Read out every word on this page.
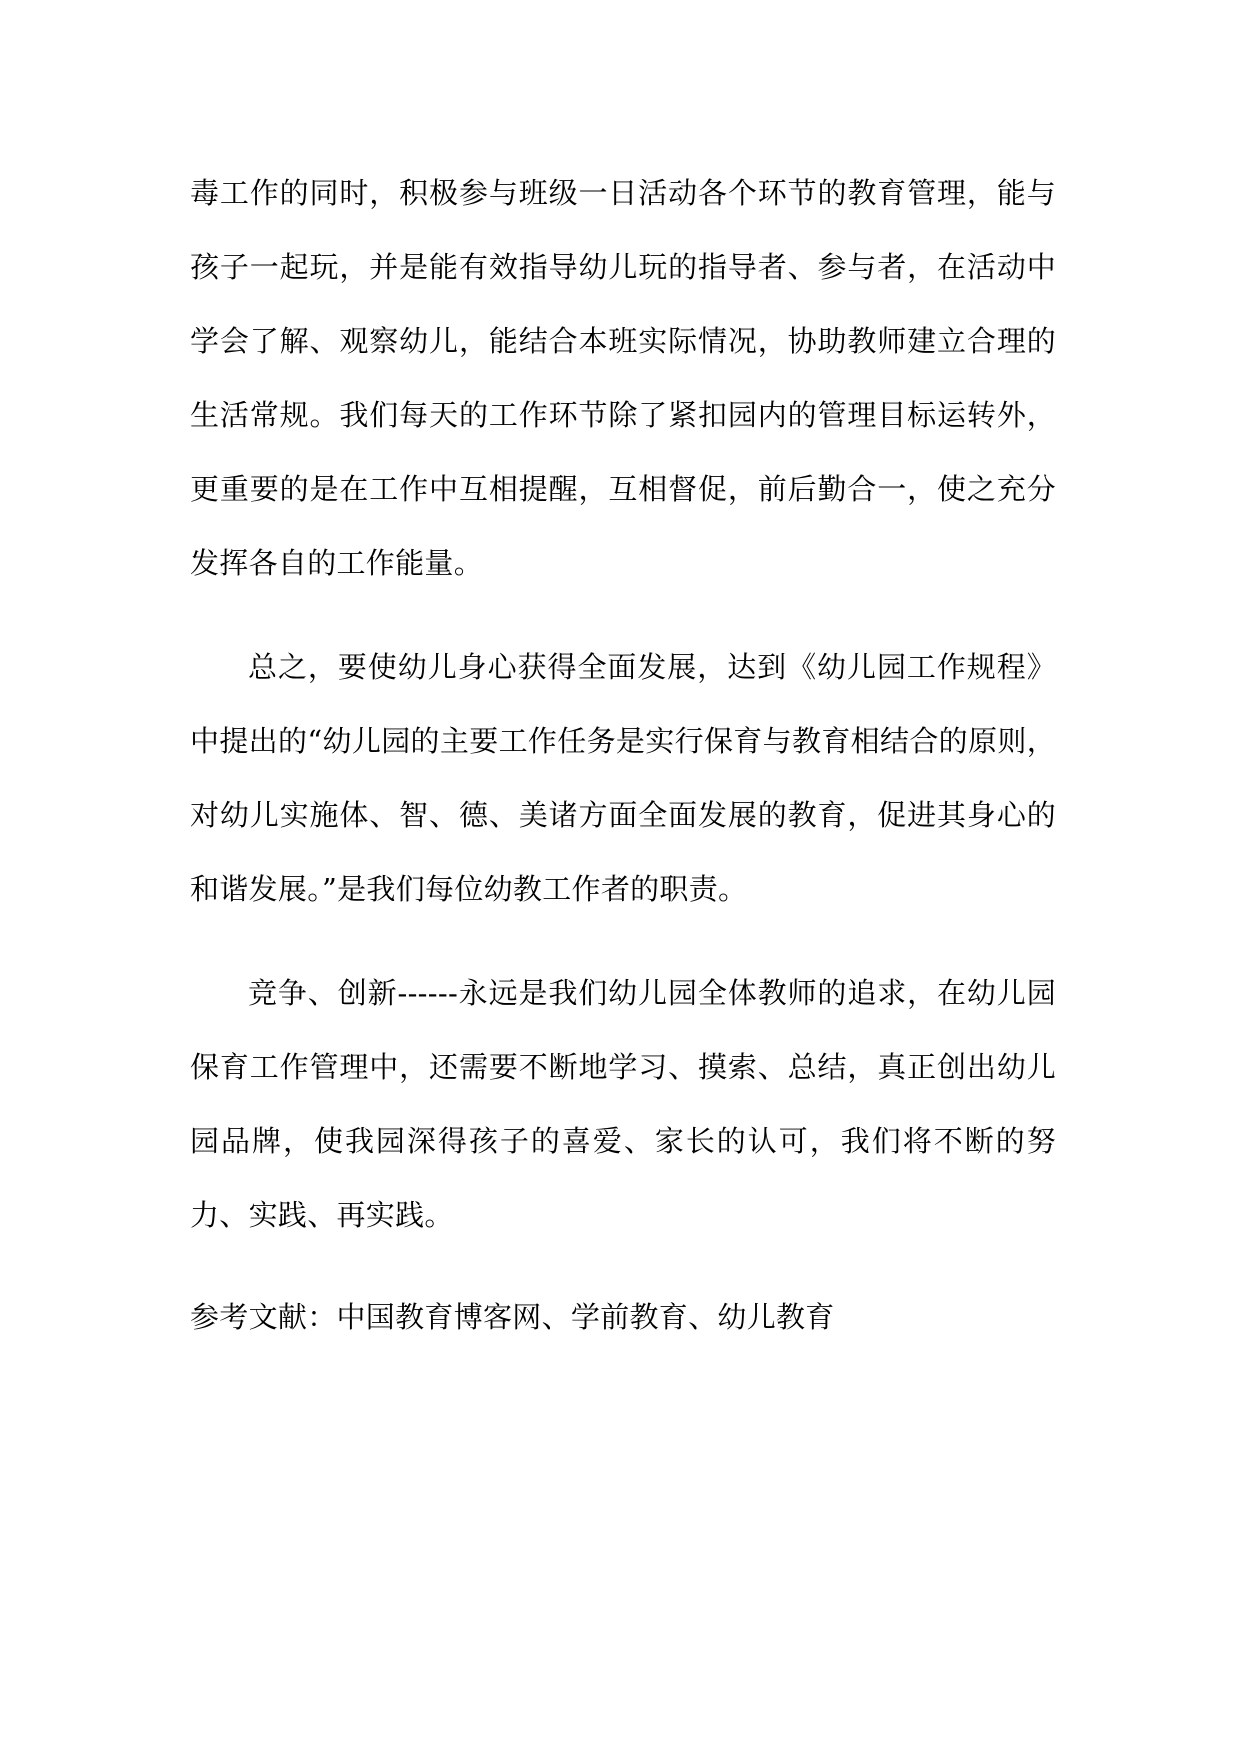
毒工作的同时，积极参与班级一日活动各个环节的教育管理，能与孩子一起玩，并是能有效指导幼儿玩的指导者、参与者，在活动中学会了解、观察幼儿，能结合本班实际情况，协助教师建立合理的生活常规。我们每天的工作环节除了紧扣园内的管理目标运转外，更重要的是在工作中互相提醒，互相督促，前后勤合一，使之充分发挥各自的工作能量。

总之，要使幼儿身心获得全面发展，达到《幼儿园工作规程》中提出的“幼儿园的主要工作任务是实行保育与教育相结合的原则，对幼儿实施体、智、德、美诸方面全面发展的教育，促进其身心的和谐发展。”是我们每位幼教工作者的职责。

竞争、创新------永远是我们幼儿园全体教师的追求，在幼儿园保育工作管理中，还需要不断地学习、摸索、总结，真正创出幼儿园品牌，使我园深得孩子的喜爱、家长的认可，我们将不断的努力、实践、再实践。

参考文献：中国教育博客网、学前教育、幼儿教育
